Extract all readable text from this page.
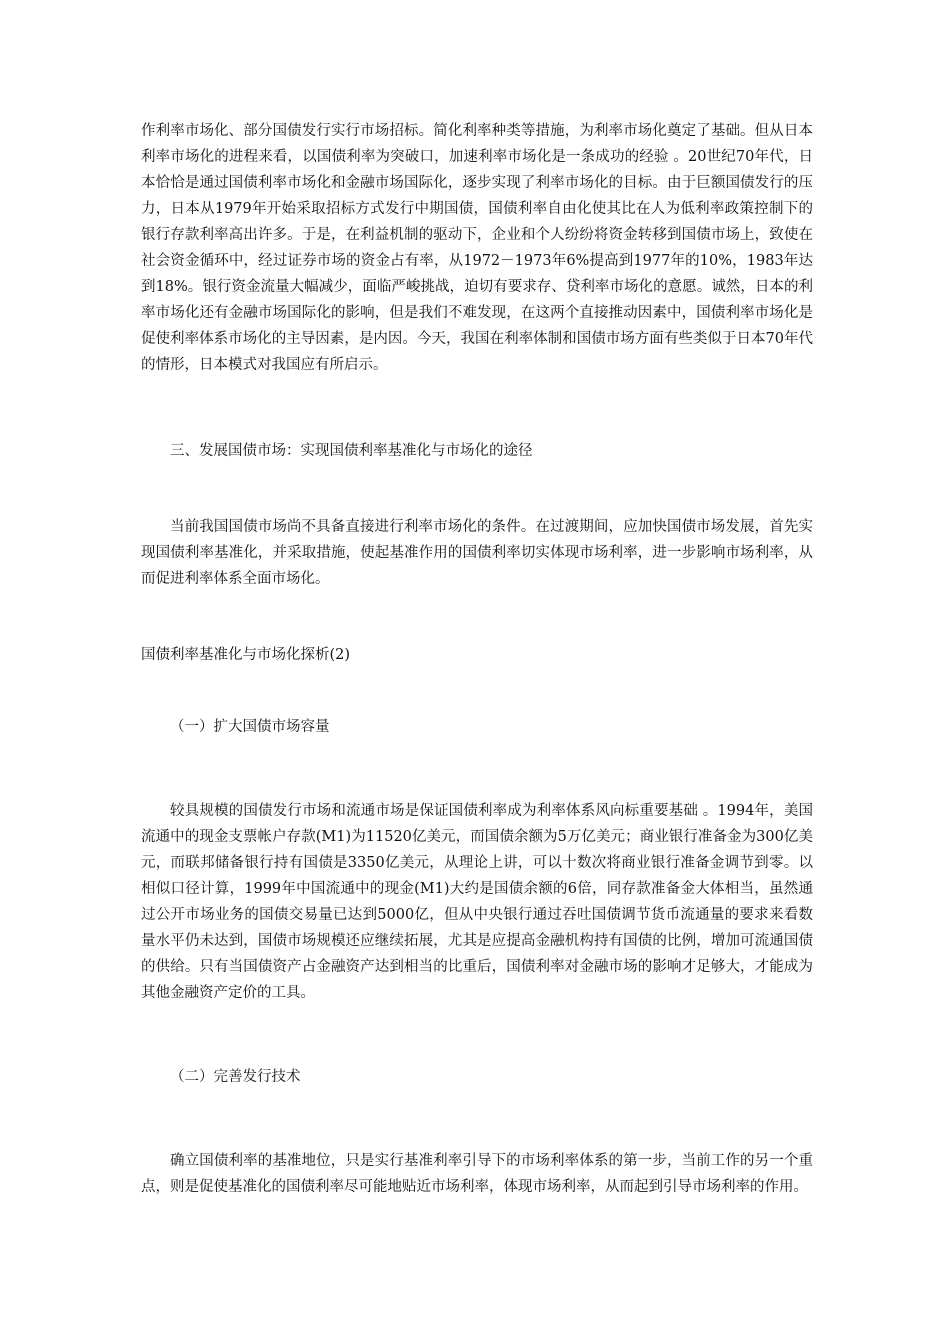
作利率市场化、部分国债发行实行市场招标。简化利率种类等措施，为利率市场化奠定了基础。但从日本利率市场化的进程来看，以国债利率为突破口，加速利率市场化是一条成功的经验 。20世纪70年代，日本恰恰是通过国债利率市场化和金融市场国际化，逐步实现了利率市场化的目标。由于巨额国债发行的压力，日本从1979年开始采取招标方式发行中期国债，国债利率自由化使其比在人为低利率政策控制下的银行存款利率高出许多。于是，在利益机制的驱动下，企业和个人纷纷将资金转移到国债市场上，致使在社会资金循环中，经过证券市场的资金占有率，从1972－1973年6%提高到1977年的10%，1983年达到18%。银行资金流量大幅减少，面临严峻挑战，迫切有要求存、贷利率市场化的意愿。诚然，日本的利率市场化还有金融市场国际化的影响，但是我们不难发现，在这两个直接推动因素中，国债利率市场化是促使利率体系市场化的主导因素，是内因。今天，我国在利率体制和国债市场方面有些类似于日本70年代的情形，日本模式对我国应有所启示。

三、发展国债市场：实现国债利率基准化与市场化的途径

当前我国国债市场尚不具备直接进行利率市场化的条件。在过渡期间，应加快国债市场发展，首先实现国债利率基准化，并采取措施，使起基准作用的国债利率切实体现市场利率，进一步影响市场利率，从而促进利率体系全面市场化。

国债利率基准化与市场化探析(2)

（一）扩大国债市场容量

较具规模的国债发行市场和流通市场是保证国债利率成为利率体系风向标重要基础 。1994年，美国流通中的现金支票帐户存款(M1)为11520亿美元，而国债余额为5万亿美元；商业银行准备金为300亿美元，而联邦储备银行持有国债是3350亿美元，从理论上讲，可以十数次将商业银行准备金调节到零。以相似口径计算，1999年中国流通中的现金(M1)大约是国债余额的6倍，同存款准备金大体相当，虽然通过公开市场业务的国债交易量已达到5000亿，但从中央银行通过吞吐国债调节货币流通量的要求来看数量水平仍未达到，国债市场规模还应继续拓展，尤其是应提高金融机构持有国债的比例，增加可流通国债的供给。只有当国债资产占金融资产达到相当的比重后，国债利率对金融市场的影响才足够大，才能成为其他金融资产定价的工具。

（二）完善发行技术

确立国债利率的基准地位，只是实行基准利率引导下的市场利率体系的第一步，当前工作的另一个重点，则是促使基准化的国债利率尽可能地贴近市场利率，体现市场利率，从而起到引导市场利率的作用。
